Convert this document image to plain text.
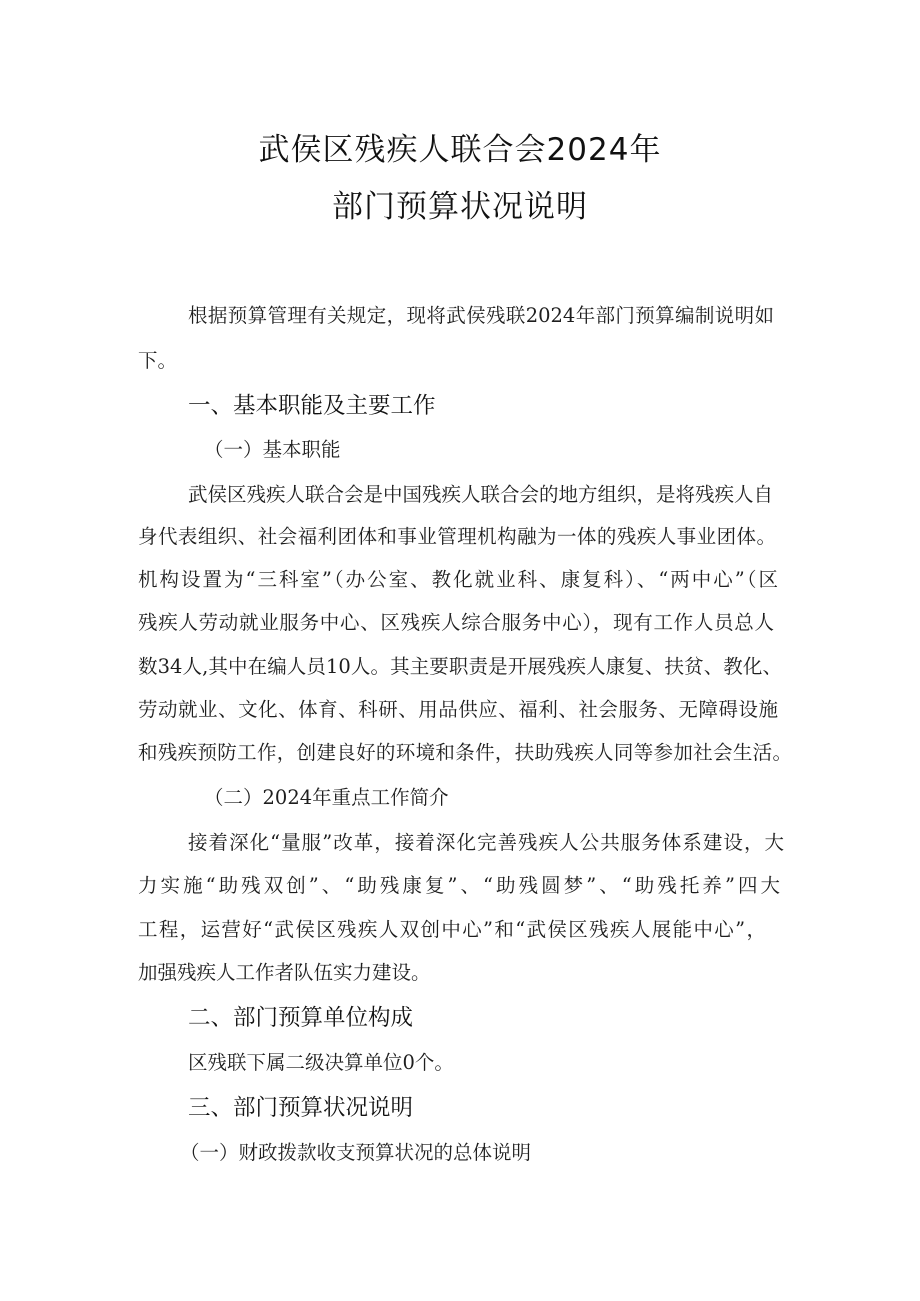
武侯区残疾人联合会2024年
部门预算状况说明
根据预算管理有关规定，现将武侯残联2024年部门预算编制说明如
下。
一、基本职能及主要工作
（一）基本职能
武侯区残疾人联合会是中国残疾人联合会的地方组织，是将残疾人自
身代表组织、社会福利团体和事业管理机构融为一体的残疾人事业团体。
机构设置为“三科室”（办公室、教化就业科、康复科）、“两中心”（区
残疾人劳动就业服务中心、区残疾人综合服务中心），现有工作人员总人
数34人,其中在编人员10人。其主要职责是开展残疾人康复、扶贫、教化、
劳动就业、文化、体育、科研、用品供应、福利、社会服务、无障碍设施
和残疾预防工作，创建良好的环境和条件，扶助残疾人同等参加社会生活。
（二）2024年重点工作简介
接着深化“量服”改革，接着深化完善残疾人公共服务体系建设，大
力实施“助残双创”、“助残康复”、“助残圆梦”、“助残托养”四大
工程，运营好“武侯区残疾人双创中心”和“武侯区残疾人展能中心”，
加强残疾人工作者队伍实力建设。
二、部门预算单位构成
区残联下属二级决算单位0个。
三、部门预算状况说明
（一）财政拨款收支预算状况的总体说明
